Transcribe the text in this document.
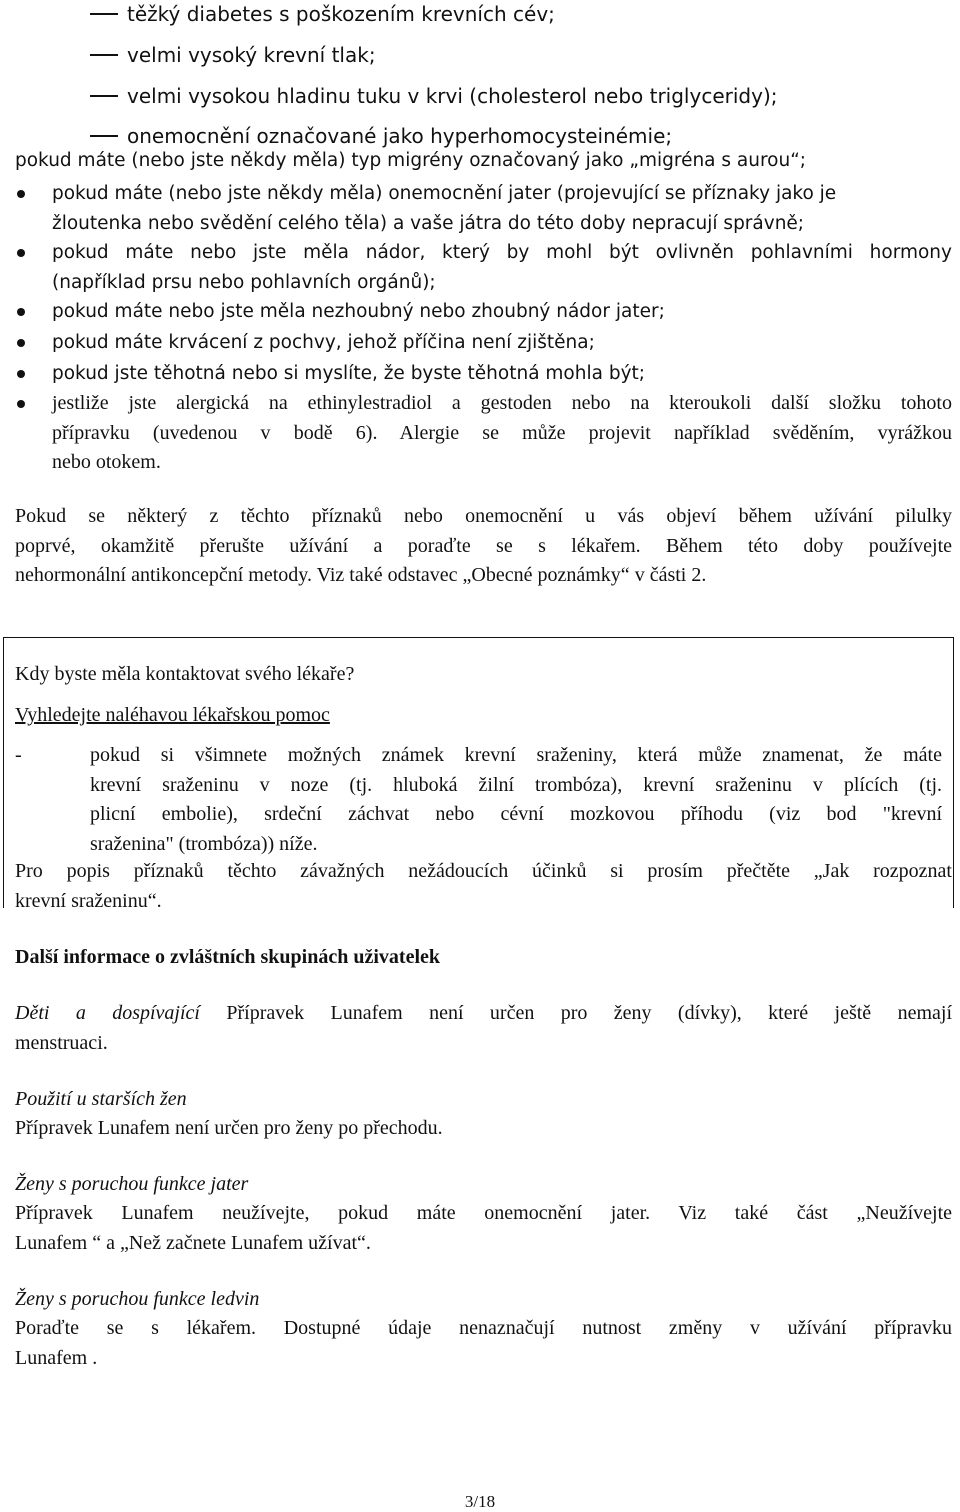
těžký diabetes s poškozením krevních cév;
velmi vysoký krevní tlak;
velmi vysokou hladinu tuku v krvi (cholesterol nebo triglyceridy);
onemocnění označované jako hyperhomocysteinémie;
pokud máte (nebo jste někdy měla) typ migrény označovaný jako „migréna s aurou“;
pokud máte (nebo jste někdy měla) onemocnění jater (projevující se příznaky jako je
žloutenka nebo svědění celého těla) a vaše játra do této doby nepracují správně;
pokud máte nebo jste měla nádor, který by mohl být ovlivněn pohlavními hormony
(například prsu nebo pohlavních orgánů);
pokud máte nebo jste měla nezhoubný nebo zhoubný nádor jater;
pokud máte krvácení z pochvy, jehož příčina není zjištěna;
pokud jste těhotná nebo si myslíte, že byste těhotná mohla být;
jestliže jste alergická na ethinylestradiol a gestoden nebo na kteroukoli další složku tohoto
přípravku (uvedenou v bodě 6). Alergie se může projevit například svěděním, vyrážkou
nebo otokem.
Pokud se některý z těchto příznaků nebo onemocnění u vás objeví během užívání pilulky
poprvé, okamžitě přerušte užívání a poraďte se s lékařem. Během této doby používejte
nehormonální antikoncepční metody. Viz také odstavec „Obecné poznámky“ v části 2.
Kdy byste měla kontaktovat svého lékaře?
Vyhledejte naléhavou lékařskou pomoc
-	pokud si všimnete možných známek krevní sraženiny, která může znamenat, že máte
krevní sraženinu v noze (tj. hluboká žilní trombóza), krevní sraženinu v plících (tj.
plicní embolie), srdeční záchvat nebo cévní mozkovou příhodu (viz bod "krevní
sraženina" (trombóza)) níže.
Pro popis příznaků těchto závažných nežádoucích účinků si prosím přečtěte „Jak rozpoznat
krevní sraženinu“.
Další informace o zvláštních skupinách uživatelek
Děti a dospívající Přípravek Lunafem není určen pro ženy (dívky), které ještě nemají
menstruaci.
Použití u starších žen
Přípravek Lunafem není určen pro ženy po přechodu.
Ženy s poruchou funkce jater
Přípravek Lunafem neužívejte, pokud máte onemocnění jater. Viz také část „Neužívejte
Lunafem “ a „Než začnete Lunafem užívat“.
Ženy s poruchou funkce ledvin
Poraďte se s lékařem. Dostupné údaje nenaznačují nutnost změny v užívání přípravku
Lunafem .
3/18
